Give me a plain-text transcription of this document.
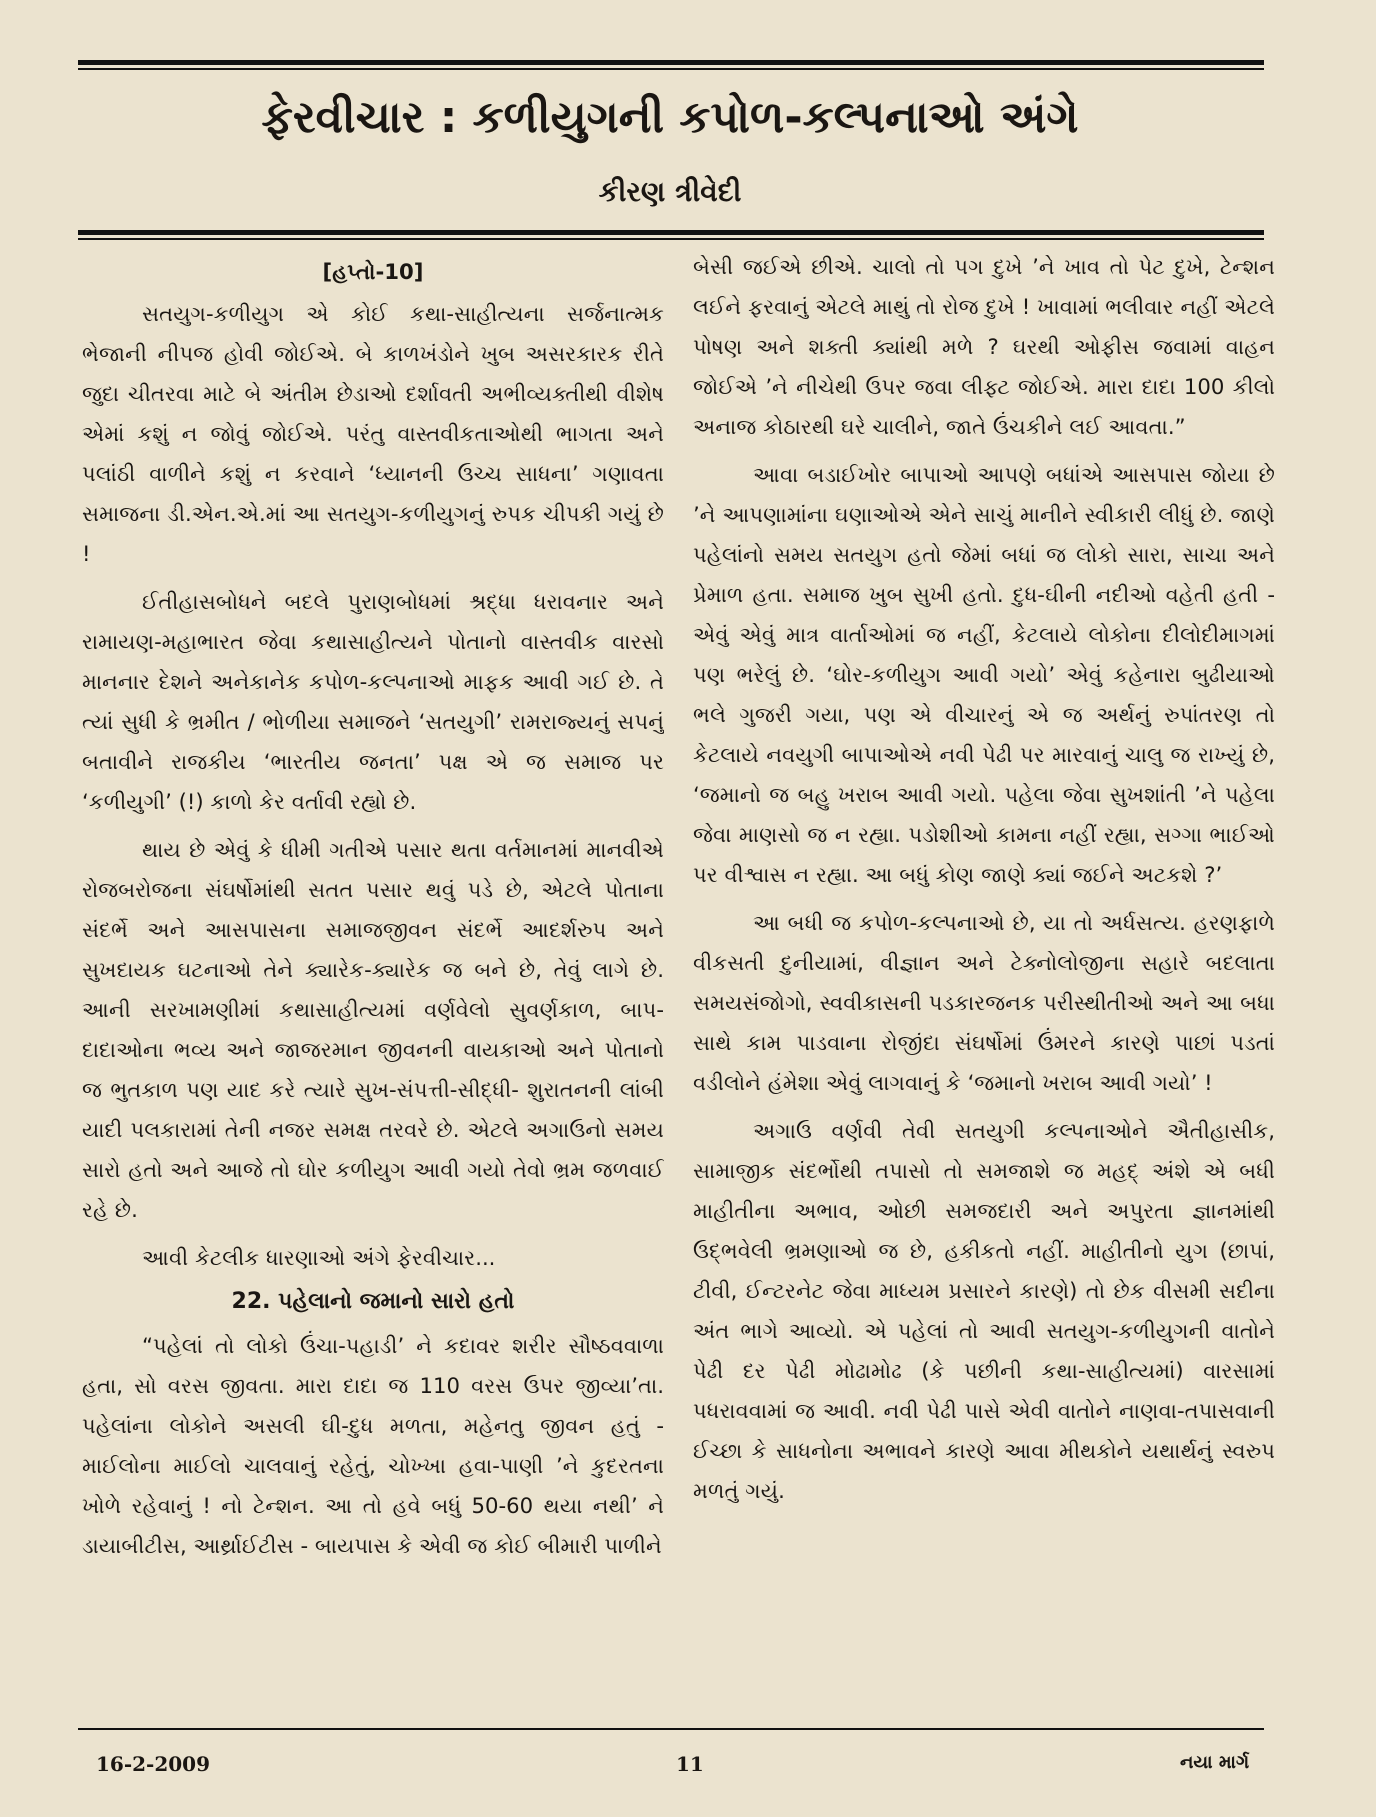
ફેરવીચાર : કળીયુગની કપોળ-કલ્પનાઓ અંગે
કીરણ ત્રીવેદી
[હપ્તો-10]

સતયુગ-કળીયુગ એ કોઈ કથા-સાહીત્યના સર્જનાત્મક ભેજાની નીપજ હોવી જોઈએ. બે કાળખંડોને ખુબ અસરકારક રીતે જુદા ચીતરવા માટે બે અંતીમ છેડાઓ દર્શાવતી અભીવ્યક્તીથી વીશેષ એમાં કશું ન જોવું જોઈએ. પરંતુ વાસ્તવીકતાઓથી ભાગતા અને પલાંઠી વાળીને કશું ન કરવાને ‘ધ્યાનની ઉચ્ચ સાધના’ ગણાવતા સમાજના ડી.એન.એ.માં આ સતયુગ-કળીયુગનું રુપક ચીપકી ગયું છે !

ઈતીહાસબોધને બદલે પુરાણબોધમાં શ્રદ્ધા ધરાવનાર અને રામાયણ-મહાભારત જેવા કથાસાહીત્યને પોતાનો વાસ્તવીક વારસો માનનાર દેશને અનેકાનેક કપોળ-કલ્પનાઓ માફક આવી ગઈ છે. તે ત્યાં સુધી કે ભ્રમીત / ભોળીયા સમાજને ‘સતયુગી’ રામરાજ્યનું સપનું બતાવીને રાજકીય ‘ભારતીય જનતા’ પક્ષ એ જ સમાજ પર ‘કળીયુગી’ (!) કાળો કેર વર્તાવી રહ્યો છે.

થાય છે એવું કે ધીમી ગતીએ પસાર થતા વર્તમાનમાં માનવીએ રોજબરોજના સંઘર્ષોમાંથી સતત પસાર થવું પડે છે, એટલે પોતાના સંદર્ભે અને આસપાસના સમાજજીવન સંદર્ભે આદર્શરુપ અને સુખદાયક ઘટનાઓ તેને ક્યારેક-ક્યારેક જ બને છે, તેવું લાગે છે. આની સરખામણીમાં કથાસાહીત્યમાં વર્ણવેલો સુવર્ણકાળ, બાપ-દાદાઓના ભવ્ય અને જાજરમાન જીવનની વાયકાઓ અને પોતાનો જ ભુતકાળ પણ યાદ કરે ત્યારે સુખ-સંપત્તી-સીદ્ધી- શુરાતનની લાંબી યાદી પલકારામાં તેની નજર સમક્ષ તરવરે છે. એટલે અગાઉનો સમય સારો હતો અને આજે તો ઘોર કળીયુગ આવી ગયો તેવો ભ્રમ જળવાઈ રહે છે.

આવી કેટલીક ધારણાઓ અંગે ફેરવીચાર...

22. પહેલાનો જમાનો સારો હતો

“પહેલાં તો લોકો ઉંચા-પહાડી’ ને કદાવર શરીર સૌષ્ઠવવાળા હતા, સો વરસ જીવતા. મારા દાદા જ 110 વરસ ઉપર જીવ્યા’તા. પહેલાંના લોકોને અસલી ઘી-દુધ મળતા, મહેનતુ જીવન હતું - માઈલોના માઈલો ચાલવાનું રહેતું, ચોખ્ખા હવા-પાણી ’ને કુદરતના ખોળે રહેવાનું ! નો ટેન્શન. આ તો હવે બધું 50-60 થયા નથી’ ને ડાયાબીટીસ, આર્થ્રાઈટીસ - બાયપાસ કે એવી જ કોઈ બીમારી પાળીને

બેસી જઈએ છીએ. ચાલો તો પગ દુખે ’ને ખાવ તો પેટ દુખે, ટેન્શન લઈને ફરવાનું એટલે માથું તો રોજ દુખે ! ખાવામાં ભલીવાર નહીં એટલે પોષણ અને શક્તી ક્યાંથી મળે ? ઘરથી ઓફીસ જવામાં વાહન જોઈએ ’ને નીચેથી ઉપર જવા લીફ્ટ જોઈએ. મારા દાદા 100 કીલો અનાજ કોઠારથી ઘરે ચાલીને, જાતે ઉંચકીને લઈ આવતા.”

આવા બડાઈખોર બાપાઓ આપણે બધાંએ આસપાસ જોયા છે ’ને આપણામાંના ઘણાઓએ એને સાચું માનીને સ્વીકારી લીધું છે. જાણે પહેલાંનો સમય સતયુગ હતો જેમાં બધાં જ લોકો સારા, સાચા અને પ્રેમાળ હતા. સમાજ ખુબ સુખી હતો. દુધ-ઘીની નદીઓ વહેતી હતી - એવું એવું માત્ર વાર્તાઓમાં જ નહીં, કેટલાયે લોકોના દીલોદીમાગમાં પણ ભરેલું છે. ‘ઘોર-કળીયુગ આવી ગયો’ એવું કહેનારા બુઢીયાઓ ભલે ગુજરી ગયા, પણ એ વીચારનું એ જ અર્થનું રુપાંતરણ તો કેટલાયે નવયુગી બાપાઓએ નવી પેઢી પર મારવાનું ચાલુ જ રાખ્યું છે, ‘જમાનો જ બહુ ખરાબ આવી ગયો. પહેલા જેવા સુખશાંતી ’ને પહેલા જેવા માણસો જ ન રહ્યા. પડોશીઓ કામના નહીં રહ્યા, સગ્ગા ભાઈઓ પર વીશ્વાસ ન રહ્યા. આ બધું કોણ જાણે ક્યાં જઈને અટકશે ?’

આ બધી જ કપોળ-કલ્પનાઓ છે, યા તો અર્ધસત્ય. હરણફાળે વીકસતી દુનીયામાં, વીજ્ઞાન અને ટેક્નોલોજીના સહારે બદલાતા સમયસંજોગો, સ્વવીકાસની પડકારજનક પરીસ્થીતીઓ અને આ બધા સાથે કામ પાડવાના રોજીંદા સંઘર્ષોમાં ઉંમરને કારણે પાછાં પડતાં વડીલોને હંમેશા એવું લાગવાનું કે ‘જમાનો ખરાબ આવી ગયો’ !

અગાઉ વર્ણવી તેવી સતયુગી કલ્પનાઓને ઐતીહાસીક, સામાજીક સંદર્ભોથી તપાસો તો સમજાશે જ મહદ્ અંશે એ બધી માહીતીના અભાવ, ઓછી સમજદારી અને અપુરતા જ્ઞાનમાંથી ઉદ્ભવેલી ભ્રમણાઓ જ છે, હકીકતો નહીં. માહીતીનો યુગ (છાપાં, ટીવી, ઈન્ટરનેટ જેવા માધ્યમ પ્રસારને કારણે) તો છેક વીસમી સદીના અંત ભાગે આવ્યો. એ પહેલાં તો આવી સતયુગ-કળીયુગની વાતોને પેઢી દર પેઢી મોઢામોઢ (કે પછીની કથા-સાહીત્યમાં) વારસામાં પધરાવવામાં જ આવી. નવી પેઢી પાસે એવી વાતોને નાણવા-તપાસવાની ઈચ્છા કે સાધનોના અભાવને કારણે આવા મીથકોને યથાર્થનું સ્વરુપ મળતું ગયું.

16-2-2009	11	નયા માર્ગ
